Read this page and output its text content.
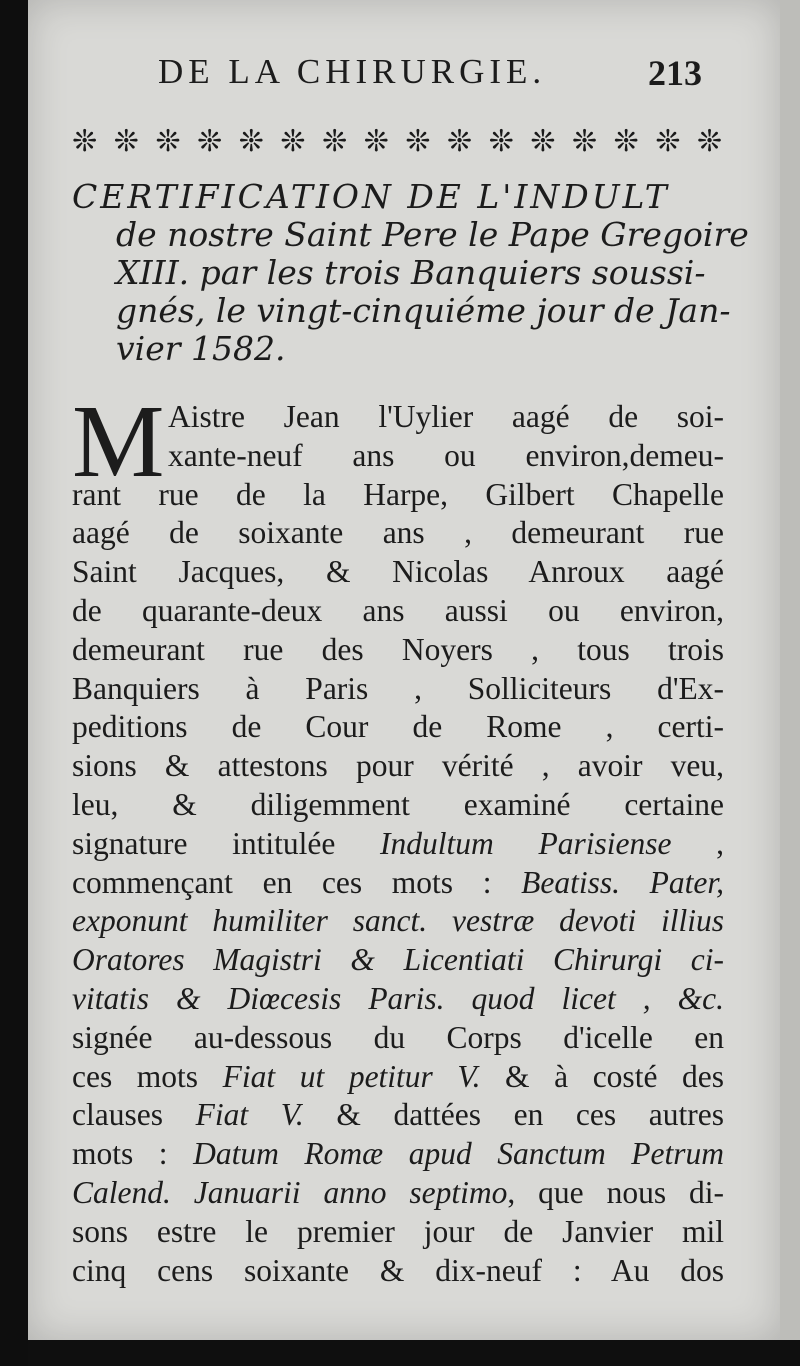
DE LA CHIRURGIE.	213
❊ ❊ ❊ ❊ ❊ ❊ ❊ ❊ ❊ ❊ ❊ ❊ ❊ ❊ ❊ ❊
CERTIFICATION DE L'INDULT
de nostre Saint Pere le Pape Gregoire
XIII. par les trois Banquiers soussi-
gnés, le vingt-cinquiéme jour de Jan-
vier 1582.
M Aistre Jean l'Uylier aagé de soi-
xante-neuf ans ou environ,demeu-
rant rue de la Harpe, Gilbert Chapelle
aagé de soixante ans , demeurant rue
Saint Jacques, & Nicolas Anroux aagé
de quarante-deux ans aussi ou environ,
demeurant rue des Noyers , tous trois
Banquiers à Paris , Solliciteurs d'Ex-
peditions de Cour de Rome , certi-
sions & attestons pour vérité , avoir veu,
leu, & diligemment examiné certaine
signature intitulée Indultum Parisiense ,
commençant en ces mots : Beatiss. Pater,
exponunt humiliter sanct. vestræ devoti illius
Oratores Magistri & Licentiati Chirurgi ci-
vitatis & Diœcesis Paris. quod licet , &c.
signée au-dessous du Corps d'icelle en
ces mots Fiat ut petitur V. & à costé des
clauses Fiat V. & dattées en ces autres
mots : Datum Romæ apud Sanctum Petrum
Calend. Januarii anno septimo, que nous di-
sons estre le premier jour de Janvier mil
cinq cens soixante & dix-neuf : Au dos
